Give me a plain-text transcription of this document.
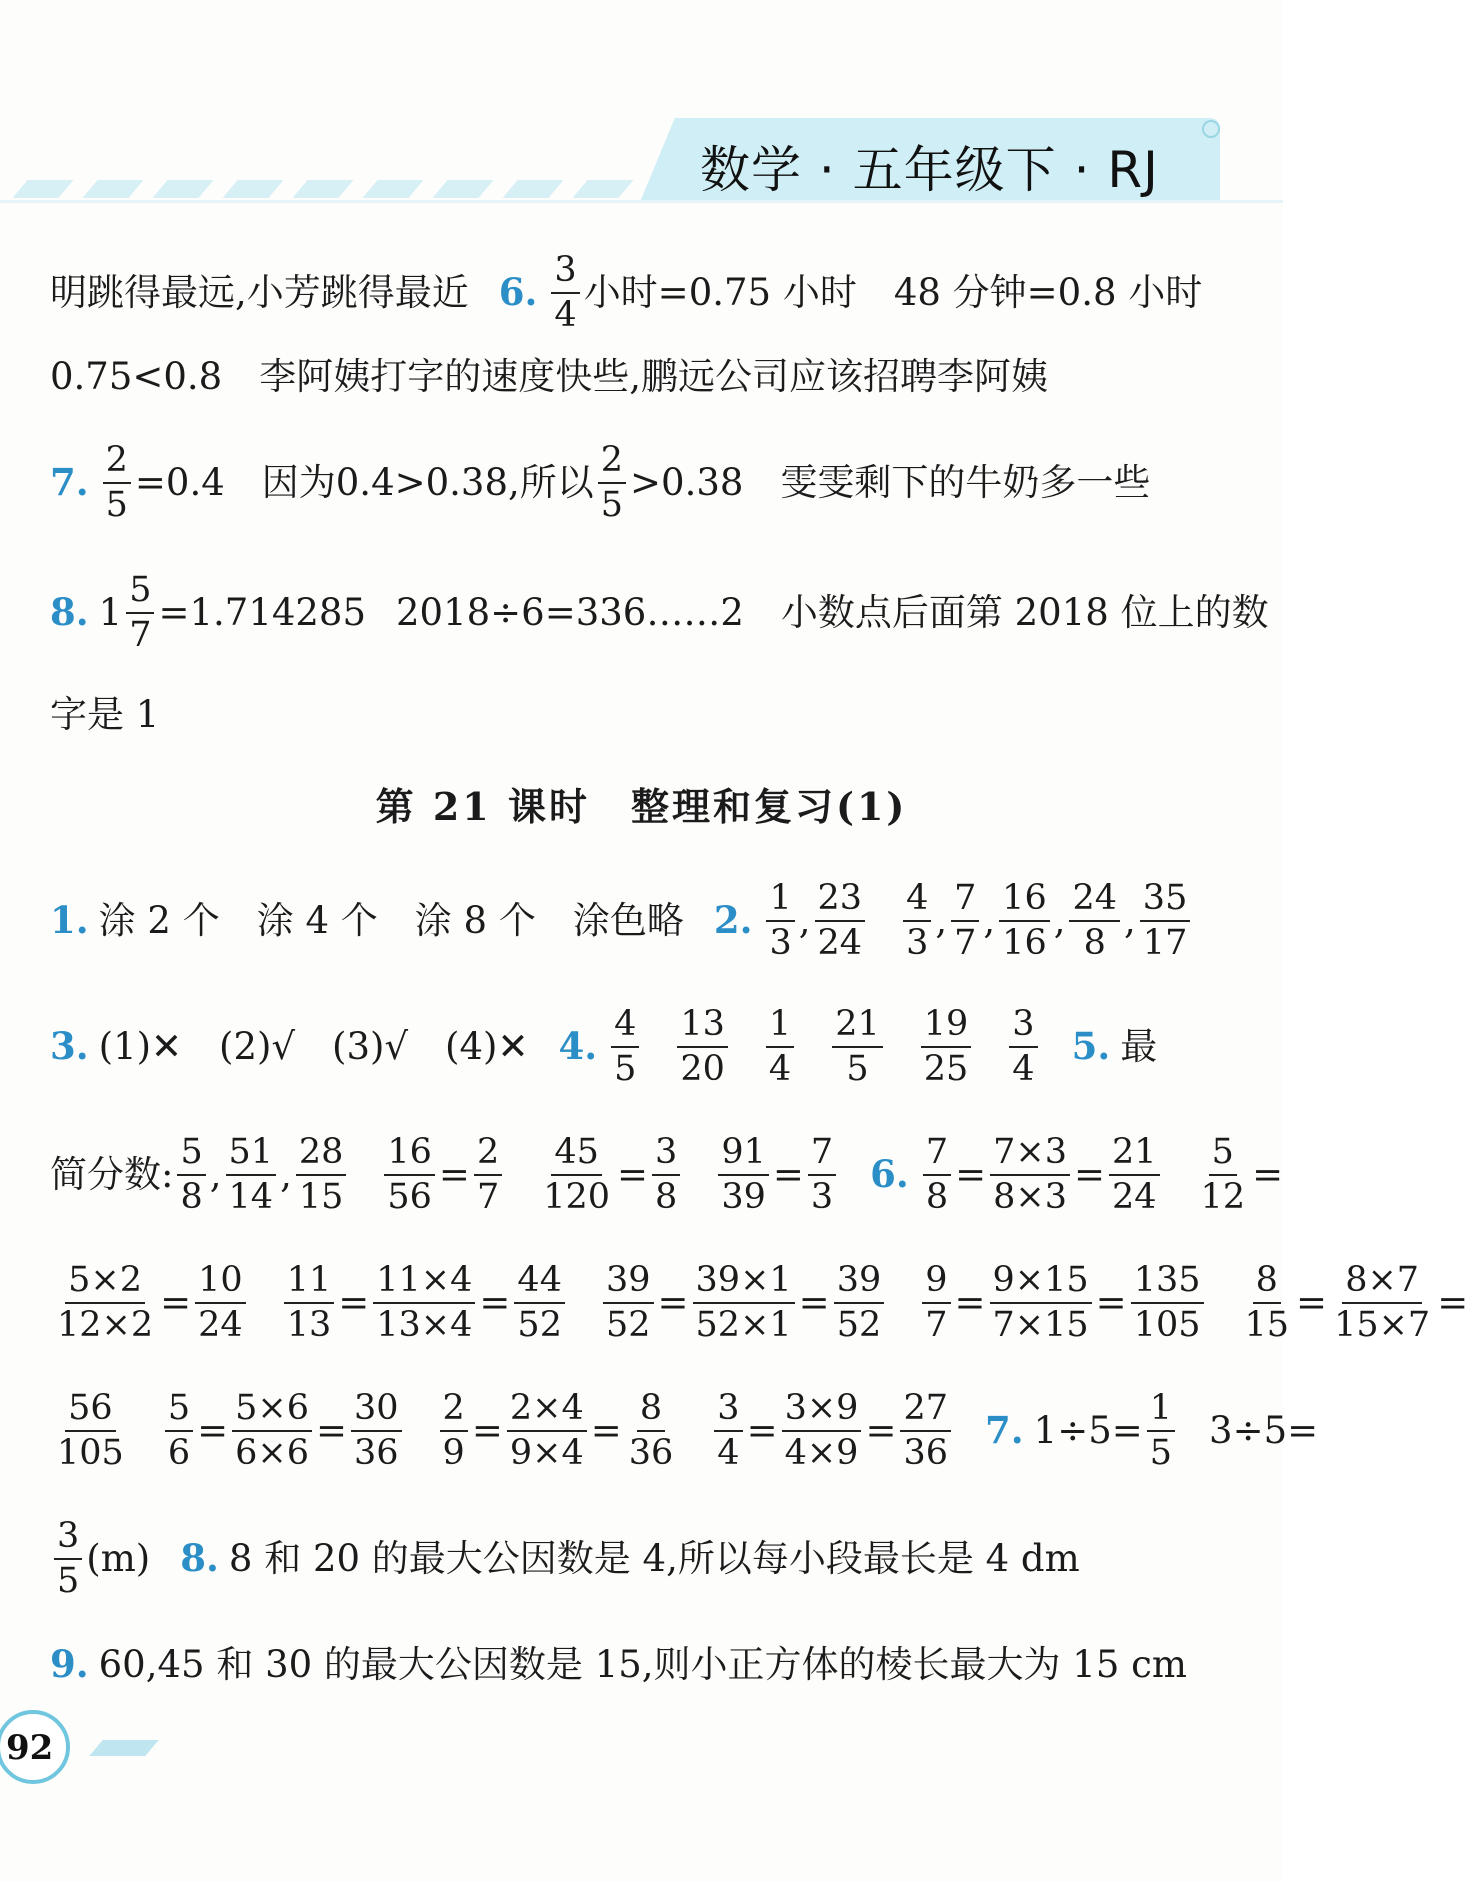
数学 · 五年级下 · RJ
明跳得最远,小芳跳得最近 6. $\frac{3}{4}$ 小时=0.75 小时　48 分钟=0.8 小时
0.75<0.8　李阿姨打字的速度快些,鹏远公司应该招聘李阿姨
7. $\frac{2}{5} =0.4$　因为0.4>0.38,所以 $\frac{2}{5} >0.38$　雯雯剩下的牛奶多一些
8. $1 \frac{5}{7} =1.714285$ 2018÷6=336……2　小数点后面第 2018 位上的数
字是 1
第 21 课时　整理和复习(1)
1. 涂 2 个　涂 4 个　涂 8 个　涂色略 2. $\frac{1}{3}$ , $\frac{23}{24} \frac{4}{3}$ , $\frac{7}{7}$ , $\frac{16}{16}$ , $\frac{24}{8}$ , $\frac{35}{17}$
3. (1)✕　(2)√　(3)√　(4)✕ 4. $\frac{4}{5} \frac{13}{20} \frac{1}{4} \frac{21}{5} \frac{19}{25} \frac{3}{4} 5$. 最
简分数: $\frac{5}{8}$ , $\frac{51}{14}$ , $\frac{28}{15} \frac{16}{56} = \frac{2}{7} \frac{45}{120} = \frac{3}{8} \frac{91}{39} = \frac{7}{3} 6$. $\frac{7}{8} = \frac{7\times 3}{8\times 3} = \frac{21}{24} \frac{5}{12}$ =
$\frac{5\times 2}{12\times 2} = \frac{10}{24} \frac{11}{13} = \frac{11\times 4}{13\times 4} = \frac{44}{52} \frac{39}{52} = \frac{39\times 1}{52\times 1} = \frac{39}{52} \frac{9}{7} = \frac{9\times 15}{7\times 15} = \frac{135}{105} \frac{8}{15} = \frac{8\times 7}{15\times 7}$ =
$\frac{56}{105} \frac{5}{6} = \frac{5\times 6}{6\times 6} = \frac{30}{36} \frac{2}{9} = \frac{2\times 4}{9\times 4} = \frac{8}{36} \frac{3}{4} = \frac{3\times 9}{4\times 9} = \frac{27}{36} 7$. $1\div 5= \frac{1}{5} 3\div 5=$
$\frac{3}{5} (m)$ 8. 8 和 20 的最大公因数是 4,所以每小段最长是 4 dm
9. 60,45 和 30 的最大公因数是 15,则小正方体的棱长最大为 15 cm
92
